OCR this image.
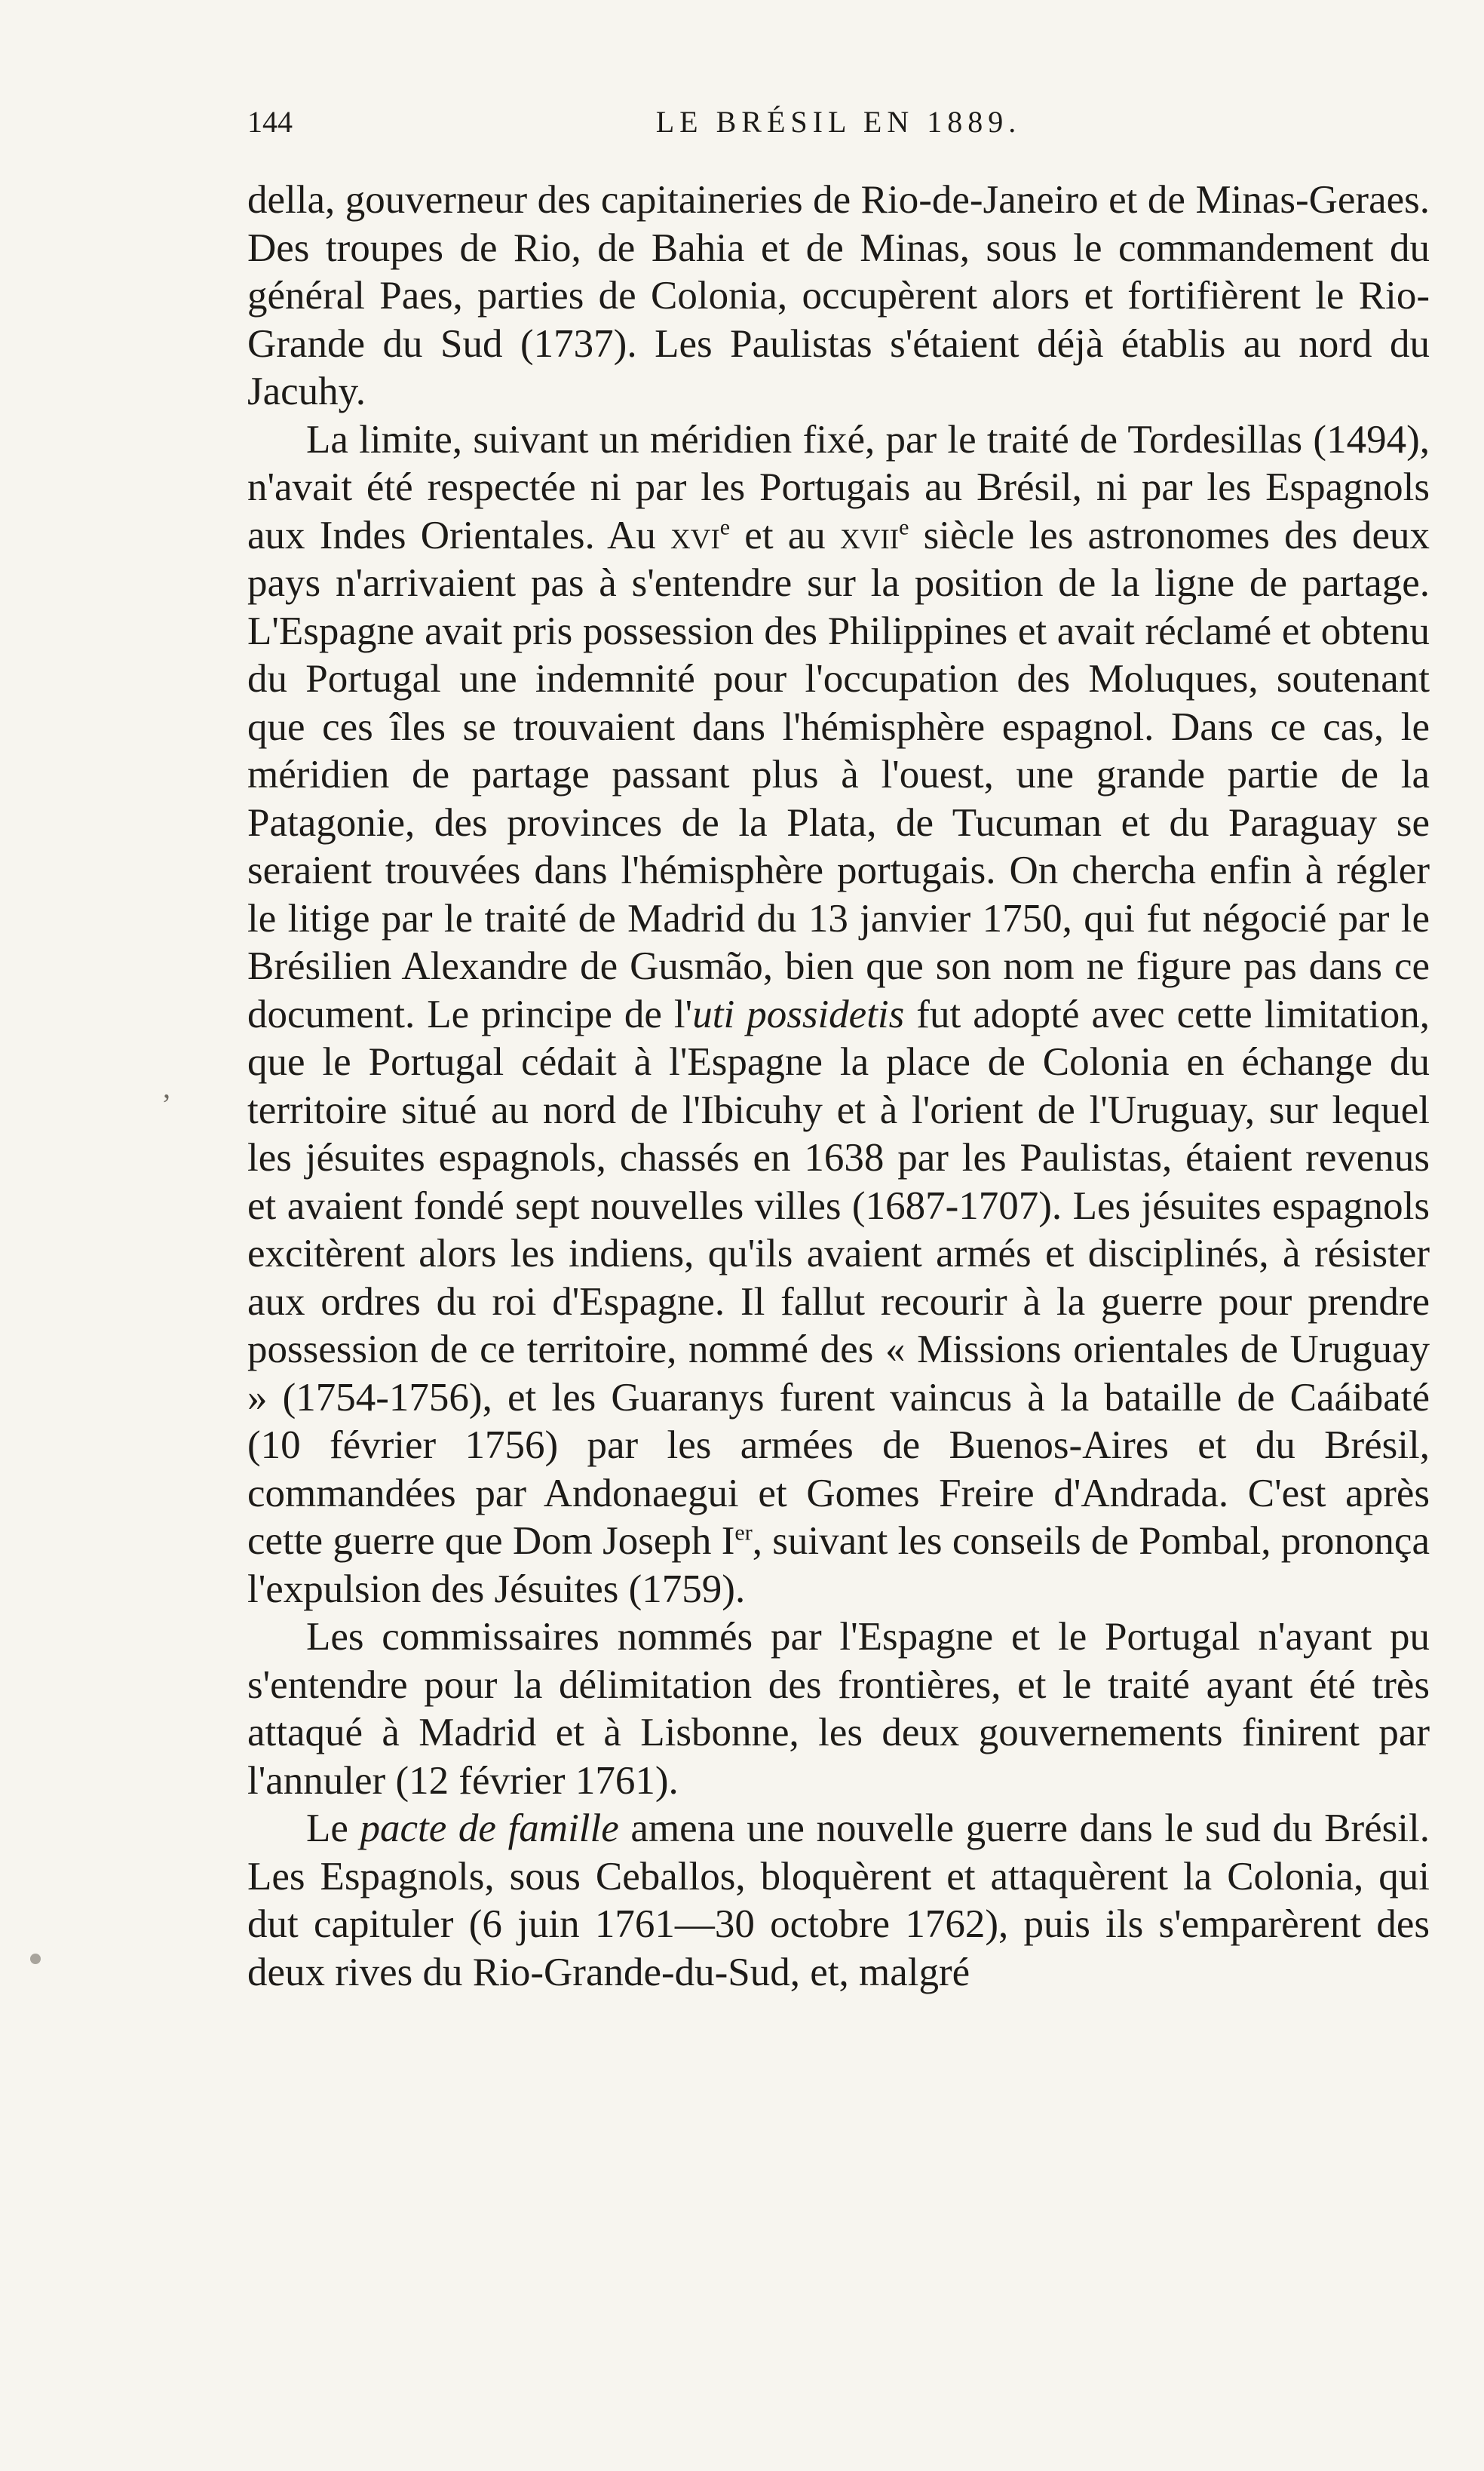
,
144	LE BRÉSIL EN 1889.

della, gouverneur des capitaineries de Rio-de-Janeiro et de Minas-Geraes. Des troupes de Rio, de Bahia et de Minas, sous le commandement du général Paes, parties de Colonia, occupèrent alors et fortifièrent le Rio-Grande du Sud (1737). Les Paulistas s'étaient déjà établis au nord du Jacuhy.

La limite, suivant un méridien fixé, par le traité de Tordesillas (1494), n'avait été respectée ni par les Portugais au Brésil, ni par les Espagnols aux Indes Orientales. Au xvi$^e$ et au xvii$^e$ siècle les astronomes des deux pays n'arrivaient pas à s'entendre sur la position de la ligne de partage. L'Espagne avait pris possession des Philippines et avait réclamé et obtenu du Portugal une indemnité pour l'occupation des Moluques, soutenant que ces îles se trouvaient dans l'hémisphère espagnol. Dans ce cas, le méridien de partage passant plus à l'ouest, une grande partie de la Patagonie, des provinces de la Plata, de Tucuman et du Paraguay se seraient trouvées dans l'hémisphère portugais. On chercha enfin à régler le litige par le traité de Madrid du 13 janvier 1750, qui fut négocié par le Brésilien Alexandre de Gusmão, bien que son nom ne figure pas dans ce document. Le principe de l'uti possidetis fut adopté avec cette limitation, que le Portugal cédait à l'Espagne la place de Colonia en échange du territoire situé au nord de l'Ibicuhy et à l'orient de l'Uruguay, sur lequel les jésuites espagnols, chassés en 1638 par les Paulistas, étaient revenus et avaient fondé sept nouvelles villes (1687-1707). Les jésuites espagnols excitèrent alors les indiens, qu'ils avaient armés et disciplinés, à résister aux ordres du roi d'Espagne. Il fallut recourir à la guerre pour prendre possession de ce territoire, nommé des « Missions orientales de Uruguay » (1754-1756), et les Guaranys furent vaincus à la bataille de Caáibaté (10 février 1756) par les armées de Buenos-Aires et du Brésil, commandées par Andonaegui et Gomes Freire d'Andrada. C'est après cette guerre que Dom Joseph Ier, suivant les conseils de Pombal, prononça l'expulsion des Jésuites (1759).

Les commissaires nommés par l'Espagne et le Portugal n'ayant pu s'entendre pour la délimitation des frontières, et le traité ayant été très attaqué à Madrid et à Lisbonne, les deux gouvernements finirent par l'annuler (12 février 1761).

Le pacte de famille amena une nouvelle guerre dans le sud du Brésil. Les Espagnols, sous Ceballos, bloquèrent et attaquèrent la Colonia, qui dut capituler (6 juin 1761—30 octobre 1762), puis ils s'emparèrent des deux rives du Rio-Grande-du-Sud, et, malgré
